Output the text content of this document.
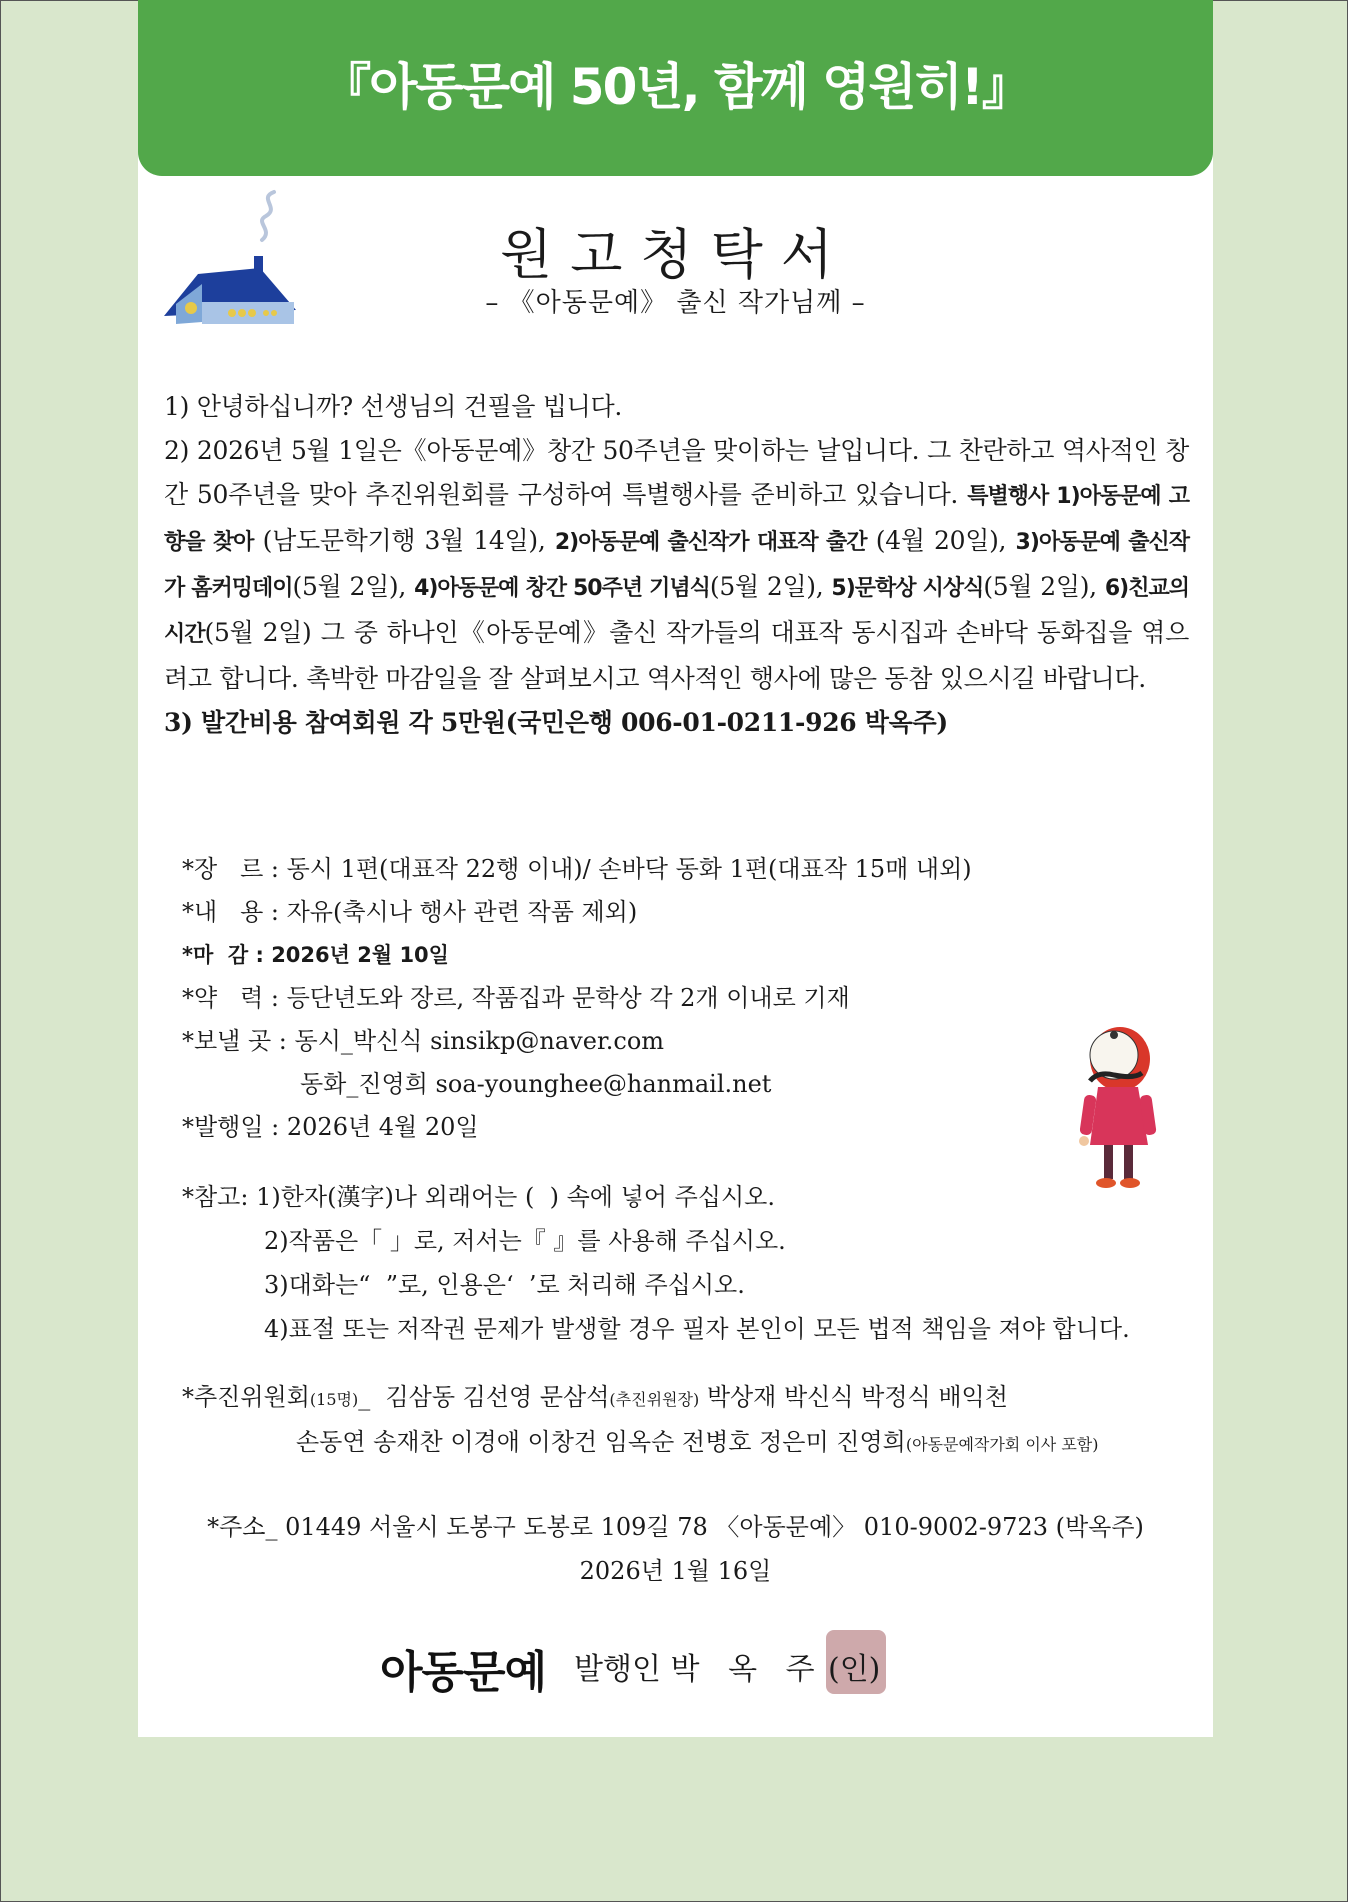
『아동문예 50년, 함께 영원히!』
원고청탁서
– 《아동문예》 출신 작가님께 –

1) 안녕하십니까? 선생님의 건필을 빕니다.

2) 2026년 5월 1일은《아동문예》창간 50주년을 맞이하는 날입니다. 그 찬란하고 역사적인 창간 50주년을 맞아 추진위원회를 구성하여 특별행사를 준비하고 있습니다. 특별행사 1)아동문예 고향을 찾아 (남도문학기행 3월 14일), 2)아동문예 출신작가 대표작 출간 (4월 20일), 3)아동문예 출신작가 홈커밍데이(5월 2일), 4)아동문예 창간 50주년 기념식(5월 2일), 5)문학상 시상식(5월 2일), 6)친교의 시간(5월 2일) 그 중 하나인《아동문예》출신 작가들의 대표작 동시집과 손바닥 동화집을 엮으려고 합니다. 촉박한 마감일을 잘 살펴보시고 역사적인 행사에 많은 동참 있으시길 바랍니다.

3) 발간비용 참여회원 각 5만원(국민은행 006-01-0211-926 박옥주)

*장   르 : 동시 1편(대표작 22행 이내)/ 손바닥 동화 1편(대표작 15매 내외)
*내   용 : 자유(축시나 행사 관련 작품 제외)
*마  감 : 2026년 2월 10일
*약   력 : 등단년도와 장르, 작품집과 문학상 각 2개 이내로 기재
*보낼 곳 : 동시_박신식 sinsikp@naver.com
동화_진영희 soa-younghee@hanmail.net
*발행일 : 2026년 4월 20일
*참고: 1)한자(漢字)나 외래어는 (  ) 속에 넣어 주십시오.
2)작품은「 」로, 저서는『 』를 사용해 주십시오.
3)대화는“  ”로, 인용은‘  ’로 처리해 주십시오.
4)표절 또는 저작권 문제가 발생할 경우 필자 본인이 모든 법적 책임을 져야 합니다.
*추진위원회(15명)_  김삼동 김선영 문삼석(추진위원장) 박상재 박신식 박정식 배익천
손동연 송재찬 이경애 이창건 임옥순 전병호 정은미 진영희(아동문예작가회 이사 포함)
*주소_ 01449 서울시 도봉구 도봉로 109길 78 〈아동문예〉 010-9002-9723 (박옥주)
2026년 1월 16일
아동문예 발행인 박   옥   주 (인)
